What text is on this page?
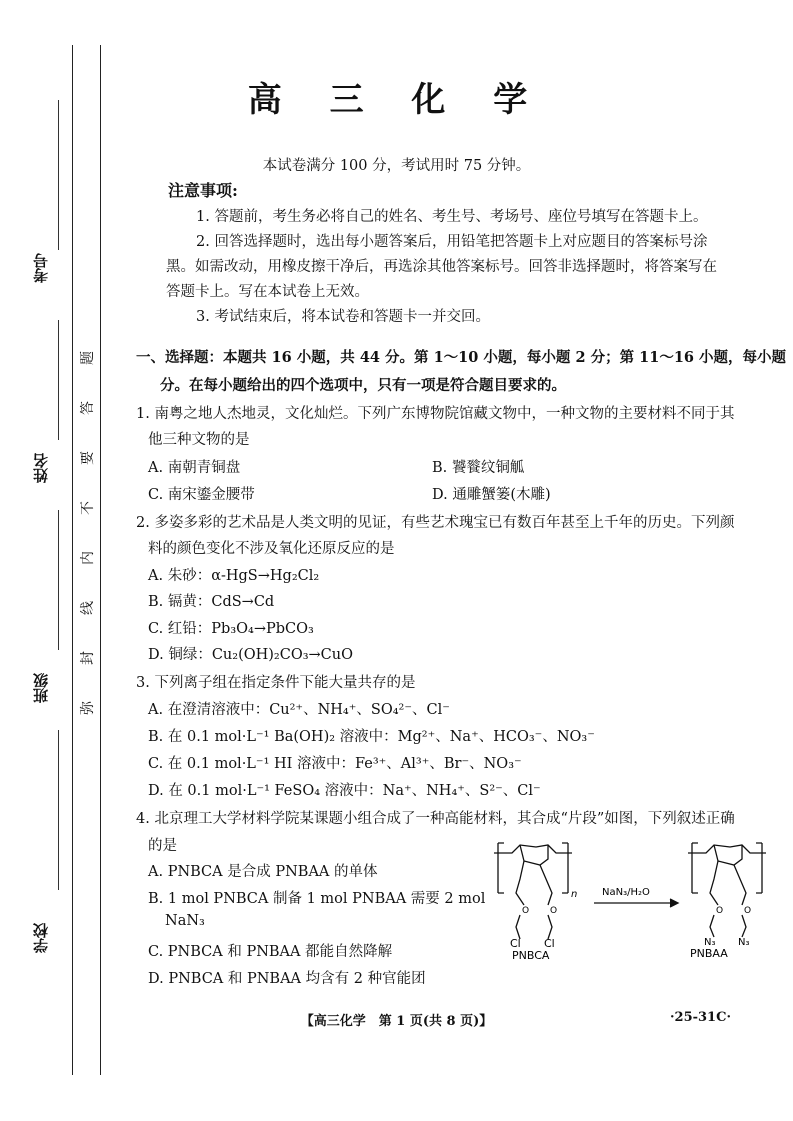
考号
姓名
班级
学校
题
答
要
不
内
线
封
弥
高 三 化 学
本试卷满分 100 分，考试用时 75 分钟。
注意事项:
1. 答题前，考生务必将自己的姓名、考生号、考场号、座位号填写在答题卡上。
2. 回答选择题时，选出每小题答案后，用铅笔把答题卡上对应题目的答案标号涂
黑。如需改动，用橡皮擦干净后，再选涂其他答案标号。回答非选择题时，将答案写在
答题卡上。写在本试卷上无效。
3. 考试结束后，将本试卷和答题卡一并交回。
一、选择题：本题共 16 小题，共 44 分。第 1～10 小题，每小题 2 分；第 11～16 小题，每小题
分。在每小题给出的四个选项中，只有一项是符合题目要求的。
1. 南粤之地人杰地灵，文化灿烂。下列广东博物院馆藏文物中，一种文物的主要材料不同于其
他三种文物的是
A. 南朝青铜盘	B. 饕餮纹铜觚
C. 南宋鎏金腰带	D. 通雕蟹篓(木雕)
2. 多姿多彩的艺术品是人类文明的见证，有些艺术瑰宝已有数百年甚至上千年的历史。下列颜
料的颜色变化不涉及氧化还原反应的是
A. 朱砂：α-HgS→Hg₂Cl₂
B. 镉黄：CdS→Cd
C. 红铅：Pb₃O₄→PbCO₃
D. 铜绿：Cu₂(OH)₂CO₃→CuO
3. 下列离子组在指定条件下能大量共存的是
A. 在澄清溶液中：Cu²⁺、NH₄⁺、SO₄²⁻、Cl⁻
B. 在 0.1 mol·L⁻¹ Ba(OH)₂ 溶液中：Mg²⁺、Na⁺、HCO₃⁻、NO₃⁻
C. 在 0.1 mol·L⁻¹ HI 溶液中：Fe³⁺、Al³⁺、Br⁻、NO₃⁻
D. 在 0.1 mol·L⁻¹ FeSO₄ 溶液中：Na⁺、NH₄⁺、S²⁻、Cl⁻
4. 北京理工大学材料学院某课题小组合成了一种高能材料，其合成“片段”如图，下列叙述正确
的是
A. PNBCA 是合成 PNBAA 的单体
B. 1 mol PNBCA 制备 1 mol PNBAA 需要 2 mol
NaN₃
C. PNBCA 和 PNBAA 都能自然降解
D. PNBCA 和 PNBAA 均含有 2 种官能团
O O
n
Cl Cl
PNBCA
NaN₃/H₂O
O O
N₃ N₃
PNBAA
【高三化学　第 1 页(共 8 页)】	·25-31C·
